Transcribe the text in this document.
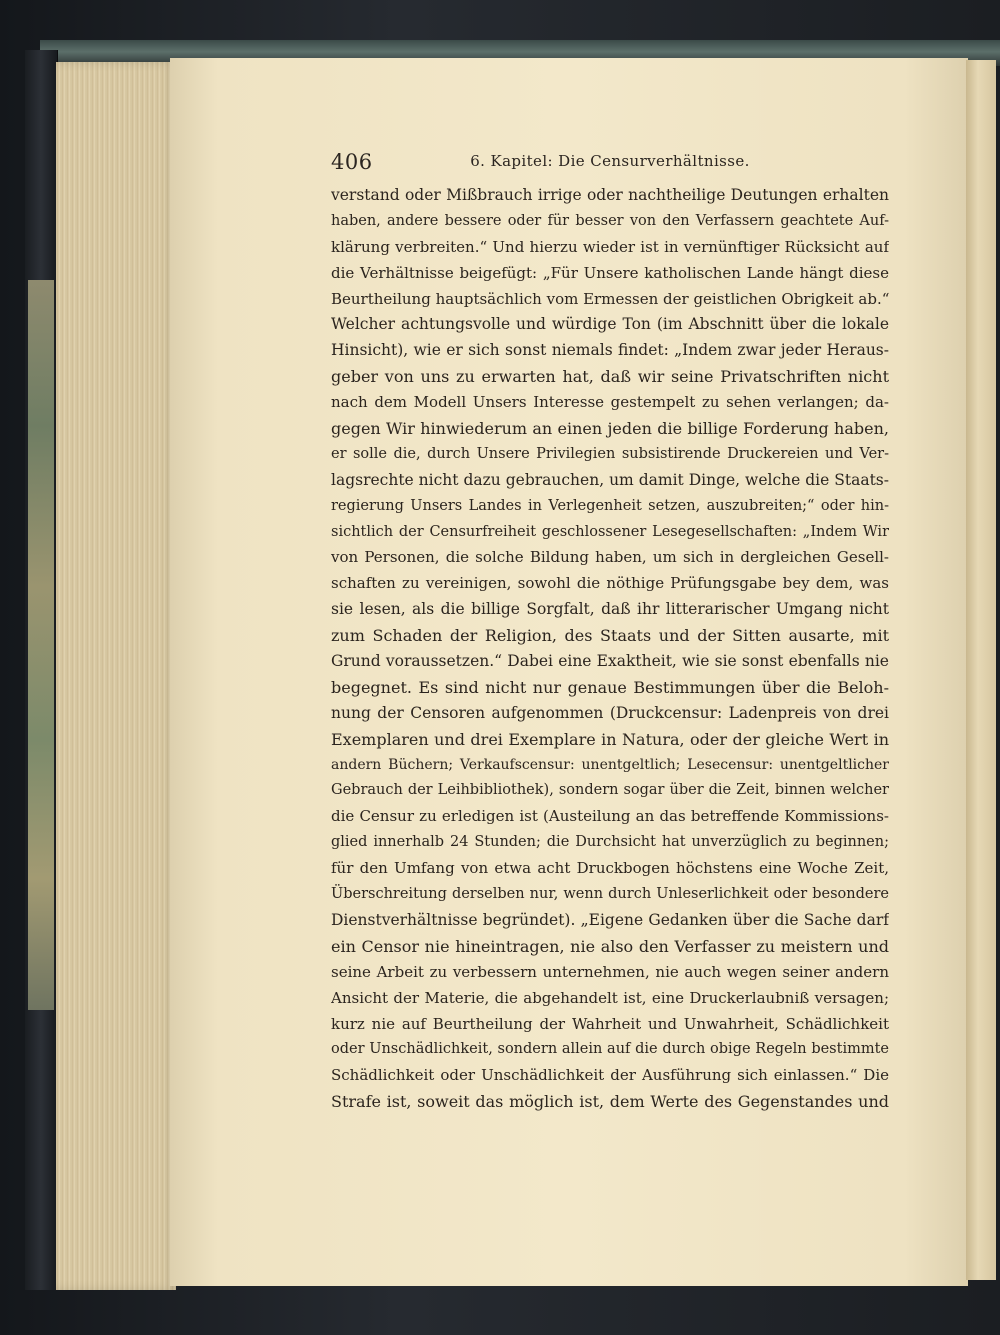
406	6. Kapitel: Die Censurverhältnisse.
verstand oder Mißbrauch irrige oder nachtheilige Deutungen erhalten
haben, andere bessere oder für besser von den Verfassern geachtete Auf-
klärung verbreiten.“ Und hierzu wieder ist in vernünftiger Rücksicht auf
die Verhältnisse beigefügt: „Für Unsere katholischen Lande hängt diese
Beurtheilung hauptsächlich vom Ermessen der geistlichen Obrigkeit ab.“
Welcher achtungsvolle und würdige Ton (im Abschnitt über die lokale
Hinsicht), wie er sich sonst niemals findet: „Indem zwar jeder Heraus-
geber von uns zu erwarten hat, daß wir seine Privatschriften nicht
nach dem Modell Unsers Interesse gestempelt zu sehen verlangen; da-
gegen Wir hinwiederum an einen jeden die billige Forderung haben,
er solle die, durch Unsere Privilegien subsistirende Druckereien und Ver-
lagsrechte nicht dazu gebrauchen, um damit Dinge, welche die Staats-
regierung Unsers Landes in Verlegenheit setzen, auszubreiten;“ oder hin-
sichtlich der Censurfreiheit geschlossener Lesegesellschaften: „Indem Wir
von Personen, die solche Bildung haben, um sich in dergleichen Gesell-
schaften zu vereinigen, sowohl die nöthige Prüfungsgabe bey dem, was
sie lesen, als die billige Sorgfalt, daß ihr litterarischer Umgang nicht
zum Schaden der Religion, des Staats und der Sitten ausarte, mit
Grund voraussetzen.“ Dabei eine Exaktheit, wie sie sonst ebenfalls nie
begegnet. Es sind nicht nur genaue Bestimmungen über die Beloh-
nung der Censoren aufgenommen (Druckcensur: Ladenpreis von drei
Exemplaren und drei Exemplare in Natura, oder der gleiche Wert in
andern Büchern; Verkaufscensur: unentgeltlich; Lesecensur: unentgeltlicher
Gebrauch der Leihbibliothek), sondern sogar über die Zeit, binnen welcher
die Censur zu erledigen ist (Austeilung an das betreffende Kommissions-
glied innerhalb 24 Stunden; die Durchsicht hat unverzüglich zu beginnen;
für den Umfang von etwa acht Druckbogen höchstens eine Woche Zeit,
Überschreitung derselben nur, wenn durch Unleserlichkeit oder besondere
Dienstverhältnisse begründet). „Eigene Gedanken über die Sache darf
ein Censor nie hineintragen, nie also den Verfasser zu meistern und
seine Arbeit zu verbessern unternehmen, nie auch wegen seiner andern
Ansicht der Materie, die abgehandelt ist, eine Druckerlaubniß versagen;
kurz nie auf Beurtheilung der Wahrheit und Unwahrheit, Schädlichkeit
oder Unschädlichkeit, sondern allein auf die durch obige Regeln bestimmte
Schädlichkeit oder Unschädlichkeit der Ausführung sich einlassen.“ Die
Strafe ist, soweit das möglich ist, dem Werte des Gegenstandes und
